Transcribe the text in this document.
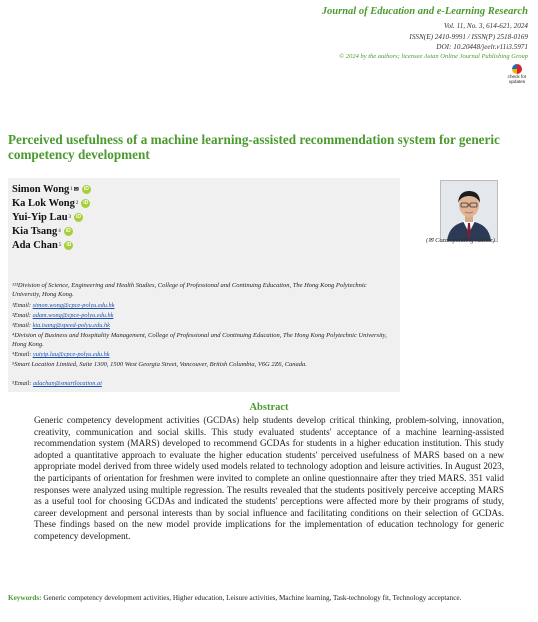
Journal of Education and e-Learning Research
Vol. 11, No. 3, 614-621, 2024
ISSN(E) 2410-9991 / ISSN(P) 2518-0169
DOI: 10.20448/jeelr.v11i3.5971
© 2024 by the authors; licensee Asian Online Journal Publishing Group
check for updates
Perceived usefulness of a machine learning-assisted recommendation system for generic competency development
Simon Wong 1 ✉	iD
Ka Lok Wong 2	iD
Yui-Yip Lau 3	iD
Kia Tsang 4	iD
Ada Chan 5	iD
¹²³Division of Science, Engineering and Health Studies, College of Professional and Continuing Education, The Hong Kong Polytechnic University, Hong Kong.
¹Email: simon.wong@cpce-polyu.edu.hk
²Email: adam.wong@cpce-polyu.edu.hk
³Email: kia.tsang@speed-polyu.edu.hk
⁴Division of Business and Hospitality Management, College of Professional and Continuing Education, The Hong Kong Polytechnic University, Hong Kong.
⁴Email: yuiyip.lau@cpce-polyu.edu.hk
⁵Smart Location Limited, Suite 1300, 1500 West Georgia Street, Vancouver, British Columbia, V6G 2Z6, Canada.
⁵Email: adachan@smartlocation.ai
(✉ Corresponding Author)
Abstract
Generic competency development activities (GCDAs) help students develop critical thinking, problem-solving, innovation, creativity, communication and social skills. This study evaluated students' acceptance of a machine learning-assisted recommendation system (MARS) developed to recommend GCDAs for students in a higher education institution. This study adopted a quantitative approach to evaluate the higher education students' perceived usefulness of MARS based on a new appropriate model derived from three widely used models related to technology adoption and leisure activities. In August 2023, the participants of orientation for freshmen were invited to complete an online questionnaire after they tried MARS. 351 valid responses were analyzed using multiple regression. The results revealed that the students positively perceive accepting MARS as a useful tool for choosing GCDAs and indicated the students' perceptions were affected more by their programs of study, career development and personal interests than by social influence and facilitating conditions on their selection of GCDAs. These findings based on the new model provide implications for the implementation of education technology for generic competency development.
Keywords: Generic competency development activities, Higher education, Leisure activities, Machine learning, Task-technology fit, Technology acceptance.
